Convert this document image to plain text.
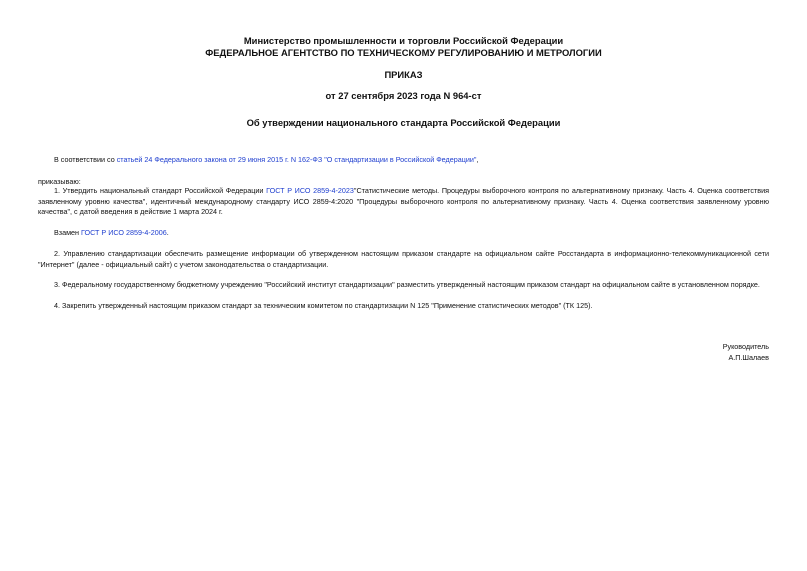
Министерство промышленности и торговли Российской Федерации
ФЕДЕРАЛЬНОЕ АГЕНТСТВО ПО ТЕХНИЧЕСКОМУ РЕГУЛИРОВАНИЮ И МЕТРОЛОГИИ
ПРИКАЗ
от 27 сентября 2023 года N 964-ст
Об утверждении национального стандарта Российской Федерации
В соответствии со статьей 24 Федерального закона от 29 июня 2015 г. N 162-ФЗ "О стандартизации в Российской Федерации",
приказываю:
1. Утвердить национальный стандарт Российской Федерации ГОСТ Р ИСО 2859-4-2023"Статистические методы. Процедуры выборочного контроля по альтернативному признаку. Часть 4. Оценка соответствия заявленному уровню качества", идентичный международному стандарту ИСО 2859-4:2020 "Процедуры выборочного контроля по альтернативному признаку. Часть 4. Оценка соответствия заявленному уровню качества", с датой введения в действие 1 марта 2024 г.
Взамен ГОСТ Р ИСО 2859-4-2006.
2. Управлению стандартизации обеспечить размещение информации об утвержденном настоящим приказом стандарте на официальном сайте Росстандарта в информационно-телекоммуникационной сети "Интернет" (далее - официальный сайт) с учетом законодательства о стандартизации.
3. Федеральному государственному бюджетному учреждению "Российский институт стандартизации" разместить утвержденный настоящим приказом стандарт на официальном сайте в установленном порядке.
4. Закрепить утвержденный настоящим приказом стандарт за техническим комитетом по стандартизации N 125 "Применение статистических методов" (ТК 125).
Руководитель
А.П.Шалаев
